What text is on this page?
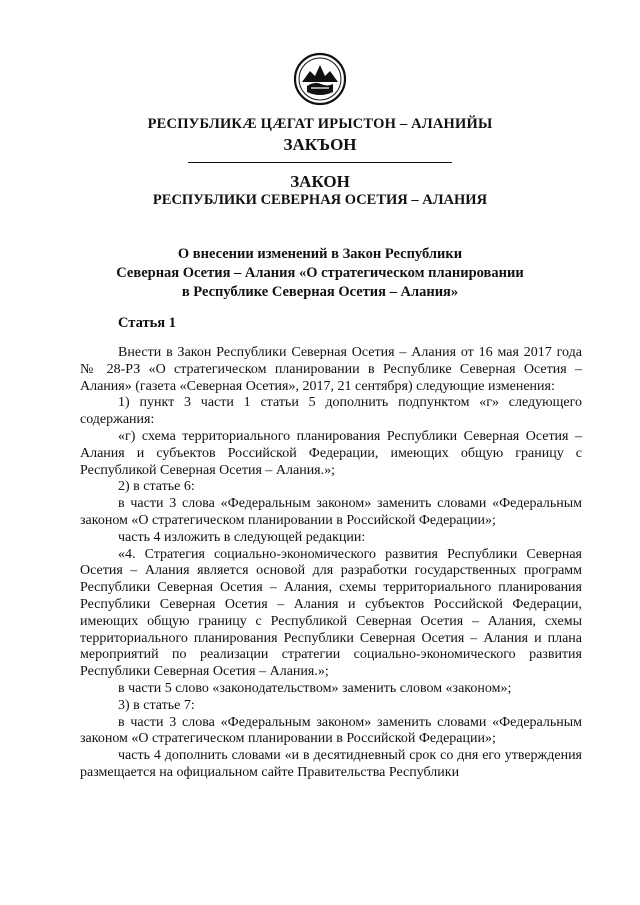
РЕСПУБЛИКÆ ЦÆГАТ ИРЫСТОН – АЛАНИЙЫ
ЗАКЪОН
ЗАКОН
РЕСПУБЛИКИ СЕВЕРНАЯ ОСЕТИЯ – АЛАНИЯ
О внесении изменений в Закон Республики
Северная Осетия – Алания «О стратегическом планировании
в Республике Северная Осетия – Алания»
Статья 1

Внести в Закон Республики Северная Осетия – Алания от 16 мая 2017 года № 28-РЗ «О стратегическом планировании в Республике Северная Осетия – Алания» (газета «Северная Осетия», 2017, 21 сентября) следующие изменения:

1) пункт 3 части 1 статьи 5 дополнить подпунктом «г» следующего содержания:

«г) схема территориального планирования Республики Северная Осетия – Алания и субъектов Российской Федерации, имеющих общую границу с Республикой Северная Осетия – Алания.»;

2) в статье 6:

в части 3 слова «Федеральным законом» заменить словами «Федеральным законом «О стратегическом планировании в Российской Федерации»;

часть 4 изложить в следующей редакции:

«4. Стратегия социально-экономического развития Республики Северная Осетия – Алания является основой для разработки государственных программ Республики Северная Осетия – Алания, схемы территориального планирования Республики Северная Осетия – Алания и субъектов Российской Федерации, имеющих общую границу с Республикой Северная Осетия – Алания, схемы территориального планирования Республики Северная Осетия – Алания и плана мероприятий по реализации стратегии социально-экономического развития Республики Северная Осетия – Алания.»;

в части 5 слово «законодательством» заменить словом «законом»;

3) в статье 7:

в части 3 слова «Федеральным законом» заменить словами «Федеральным законом «О стратегическом планировании в Российской Федерации»;

часть 4 дополнить словами «и в десятидневный срок со дня его утверждения размещается на официальном сайте Правительства Республики
